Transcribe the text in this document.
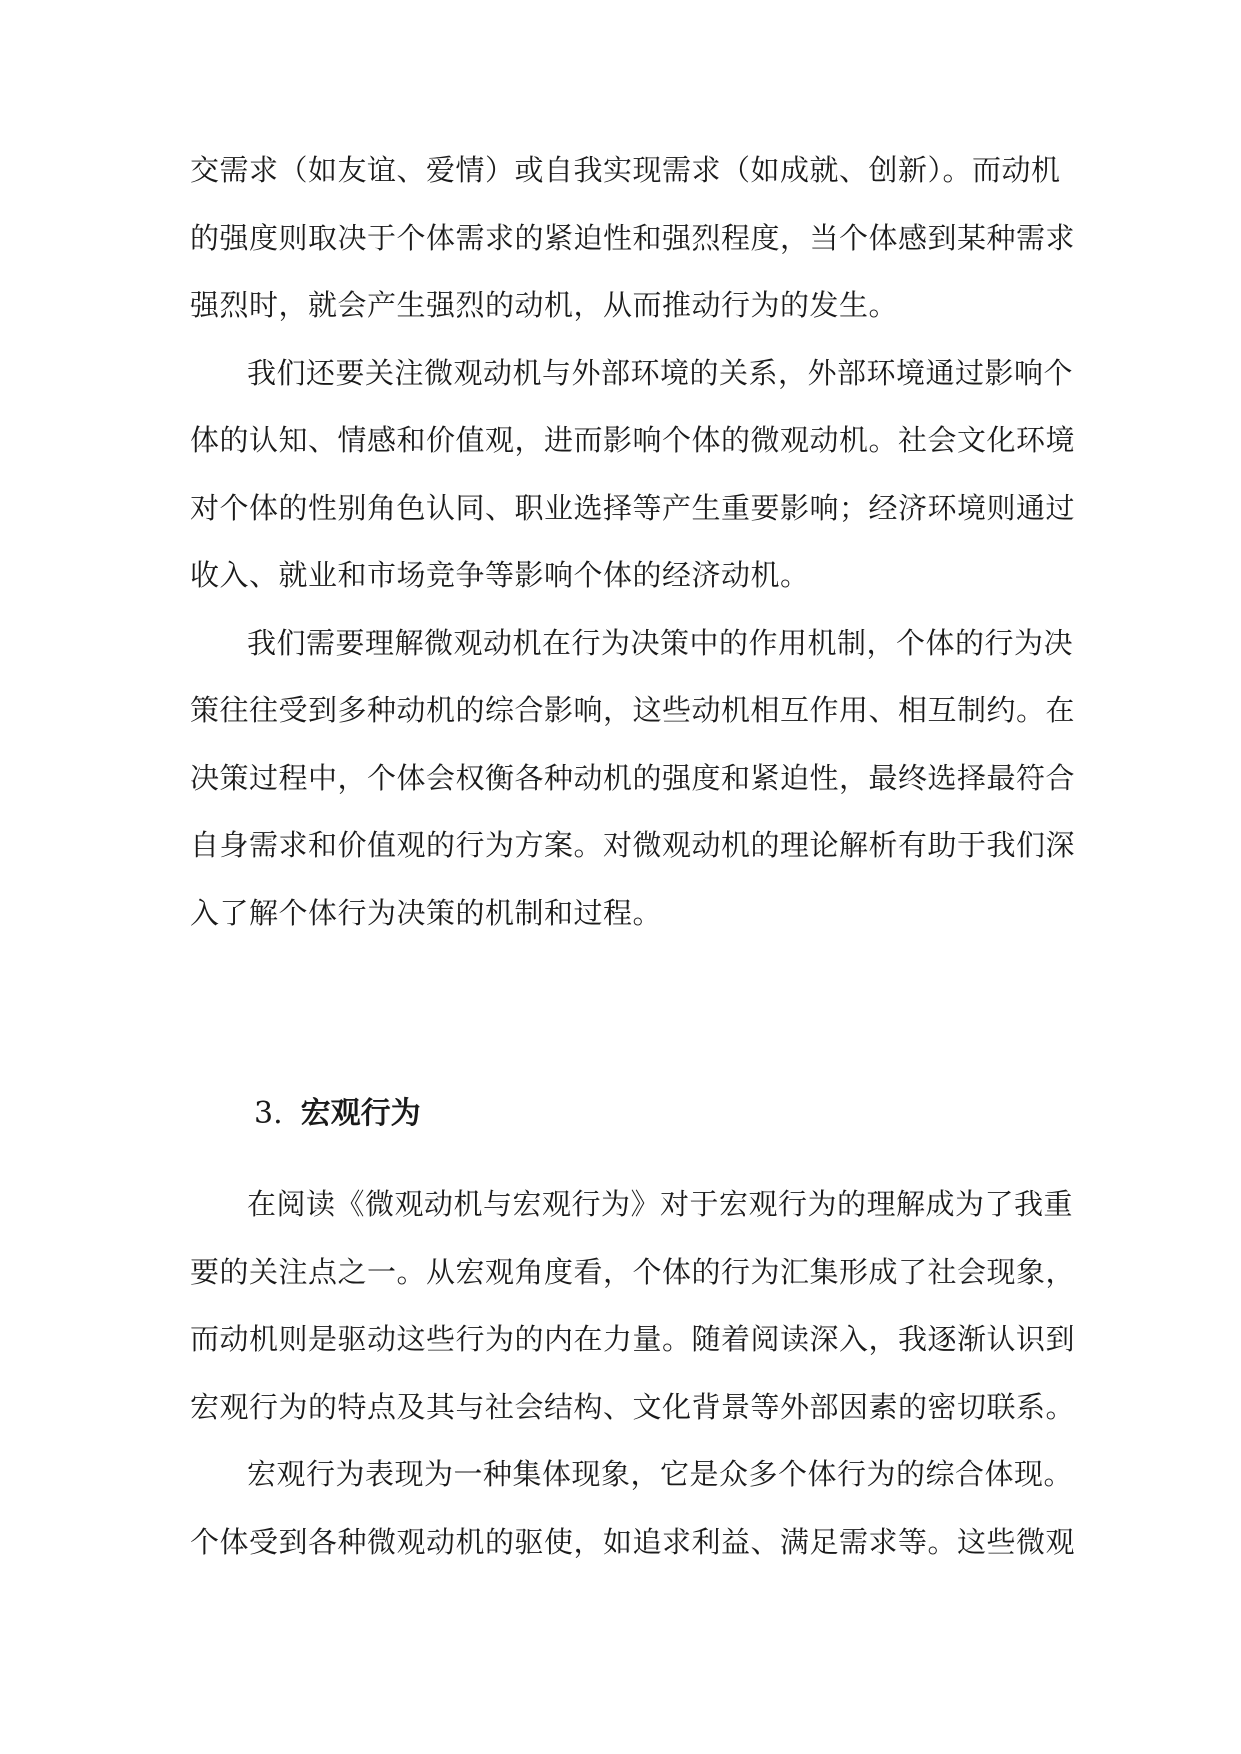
交需求（如友谊、爱情）或自我实现需求（如成就、创新）。而动机
的强度则取决于个体需求的紧迫性和强烈程度，当个体感到某种需求
强烈时，就会产生强烈的动机，从而推动行为的发生。
我们还要关注微观动机与外部环境的关系，外部环境通过影响个
体的认知、情感和价值观，进而影响个体的微观动机。社会文化环境
对个体的性别角色认同、职业选择等产生重要影响；经济环境则通过
收入、就业和市场竞争等影响个体的经济动机。
我们需要理解微观动机在行为决策中的作用机制，个体的行为决
策往往受到多种动机的综合影响，这些动机相互作用、相互制约。在
决策过程中，个体会权衡各种动机的强度和紧迫性，最终选择最符合
自身需求和价值观的行为方案。对微观动机的理论解析有助于我们深
入了解个体行为决策的机制和过程。
3. 宏观行为
在阅读《微观动机与宏观行为》对于宏观行为的理解成为了我重
要的关注点之一。从宏观角度看，个体的行为汇集形成了社会现象，
而动机则是驱动这些行为的内在力量。随着阅读深入，我逐渐认识到
宏观行为的特点及其与社会结构、文化背景等外部因素的密切联系。
宏观行为表现为一种集体现象，它是众多个体行为的综合体现。
个体受到各种微观动机的驱使，如追求利益、满足需求等。这些微观
